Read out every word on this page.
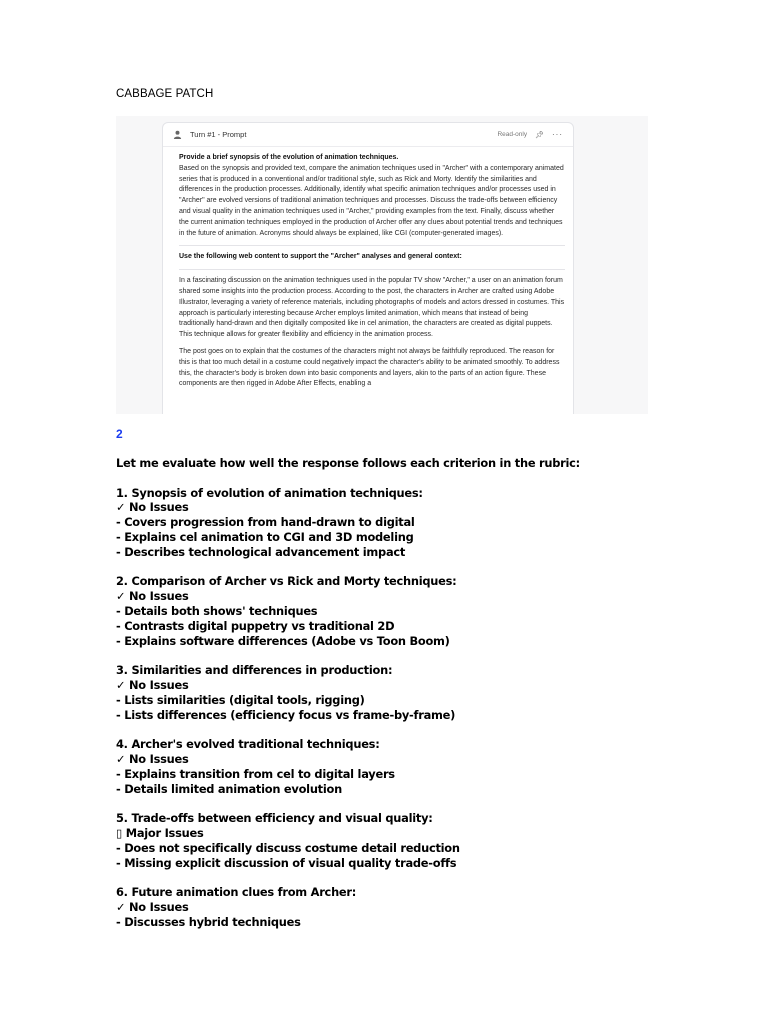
CABBAGE PATCH
Turn #1 - Prompt	Read-only 📌︎ ···

Provide a brief synopsis of the evolution of animation techniques.

Based on the synopsis and provided text, compare the animation techniques used in "Archer" with a contemporary animated series that is produced in a conventional and/or traditional style, such as Rick and Morty. Identify the similarities and differences in the production processes. Additionally, identify what specific animation techniques and/or processes used in "Archer" are evolved versions of traditional animation techniques and processes. Discuss the trade-offs between efficiency and visual quality in the animation techniques used in "Archer," providing examples from the text. Finally, discuss whether the current animation techniques employed in the production of Archer offer any clues about potential trends and techniques in the future of animation. Acronyms should always be explained, like CGI (computer-generated images).

Use the following web content to support the "Archer" analyses and general context:

In a fascinating discussion on the animation techniques used in the popular TV show "Archer," a user on an animation forum shared some insights into the production process. According to the post, the characters in Archer are crafted using Adobe Illustrator, leveraging a variety of reference materials, including photographs of models and actors dressed in costumes. This approach is particularly interesting because Archer employs limited animation, which means that instead of being traditionally hand-drawn and then digitally composited like in cel animation, the characters are created as digital puppets. This technique allows for greater flexibility and efficiency in the animation process.

The post goes on to explain that the costumes of the characters might not always be faithfully reproduced. The reason for this is that too much detail in a costume could negatively impact the character's ability to be animated smoothly. To address this, the character's body is broken down into basic components and layers, akin to the parts of an action figure. These components are then rigged in Adobe After Effects, enabling a

2
Let me evaluate how well the response follows each criterion in the rubric:
1. Synopsis of evolution of animation techniques:
✓ No Issues
- Covers progression from hand-drawn to digital
- Explains cel animation to CGI and 3D modeling
- Describes technological advancement impact
2. Comparison of Archer vs Rick and Morty techniques:
✓ No Issues
- Details both shows' techniques
- Contrasts digital puppetry vs traditional 2D
- Explains software differences (Adobe vs Toon Boom)
3. Similarities and differences in production:
✓ No Issues
- Lists similarities (digital tools, rigging)
- Lists differences (efficiency focus vs frame-by-frame)
4. Archer's evolved traditional techniques:
✓ No Issues
- Explains transition from cel to digital layers
- Details limited animation evolution
5. Trade-offs between efficiency and visual quality:
▯ Major Issues
- Does not specifically discuss costume detail reduction
- Missing explicit discussion of visual quality trade-offs
6. Future animation clues from Archer:
✓ No Issues
- Discusses hybrid techniques
